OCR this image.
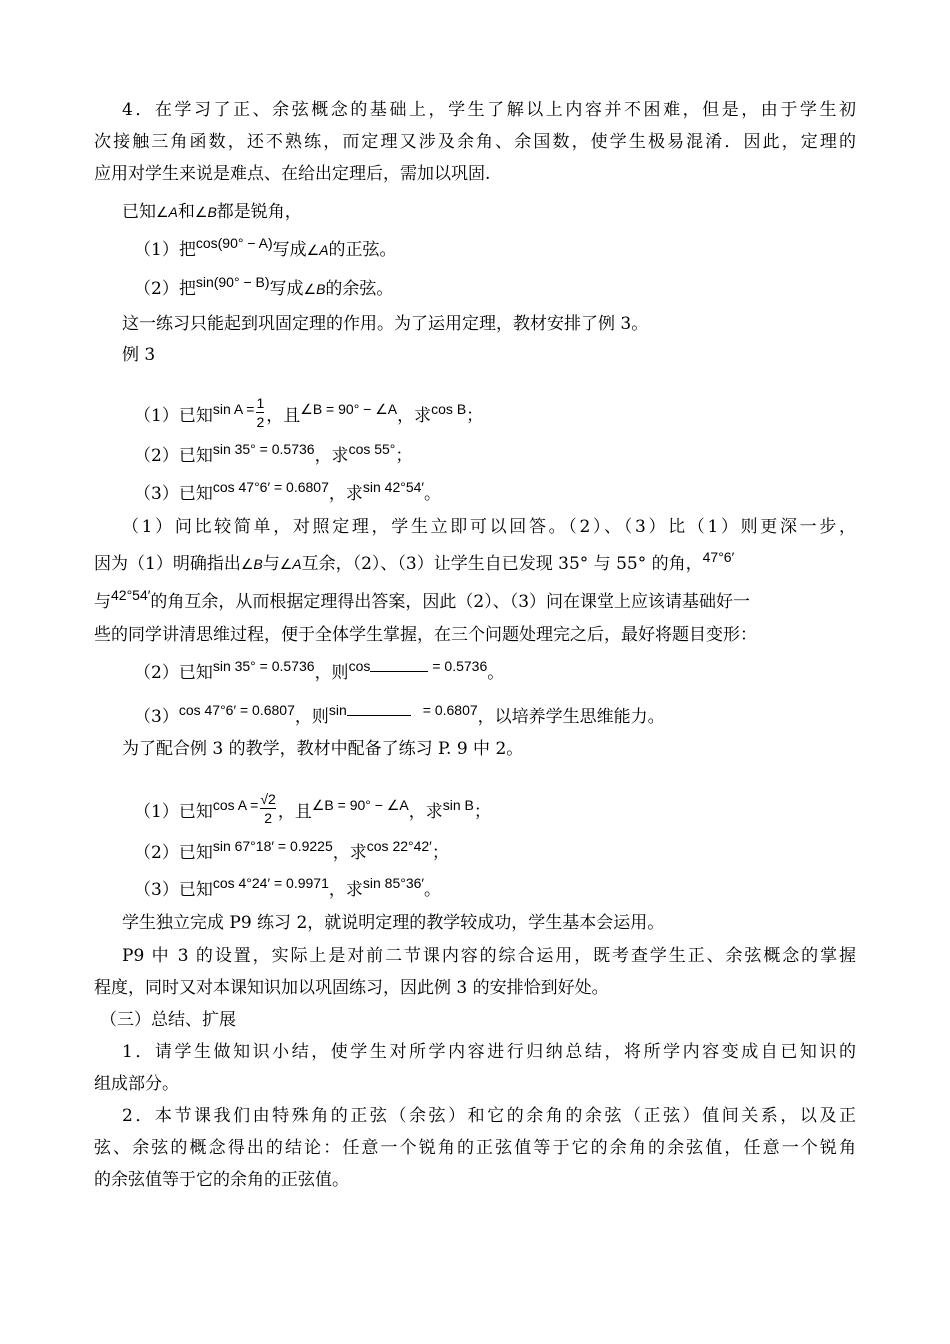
4．在学习了正、余弦概念的基础上，学生了解以上内容并不困难，但是，由于学生初
次接触三角函数，还不熟练，而定理又涉及余角、余国数，使学生极易混淆．因此，定理的
应用对学生来说是难点、在给出定理后，需加以巩固.
已知∠A和∠B都是锐角，
（1）把$^{cos(90^\circ - A)}$写成∠A的正弦。
（2）把$^{sin(90^\circ - B)}$写成∠B的余弦。
这一练习只能起到巩固定理的作用。为了运用定理，教材安排了例 3。
例 3
（1）已知$^{sin A =} \frac{1}{2}$ ，且$^{\angle B = 90^\circ - \angle A}$，求$^{cos B}$；
（2）已知$^{sin 35^\circ = 0.5736}$，求$^{cos 55^\circ}$；
（3）已知$^{cos 47^\circ 6' = 0.6807}$，求$^{sin 42^\circ 54'}$。
（1）问比较简单，对照定理，学生立即可以回答。（2）、（3）比（1）则更深一步，
因为（1）明确指出∠B与∠A互余，（2）、（3）让学生自已发现 35° 与 55° 的角，$^{47^\circ 6'}$
与$^{42^\circ 54'}$的角互余，从而根据定理得出答案，因此（2）、（3）问在课堂上应该请基础好一
些的同学讲清思维过程，便于全体学生掌握，在三个问题处理完之后，最好将题目变形：
（2）已知$^{sin 35^\circ = 0.5736}$，则$^{cos}$	$^{= 0.5736}$。
$(3)^{cos 47^\circ 6' = 0.6807}$，则$^{sin}$	$^{= 0.6807}$，以培养学生思维能力。
为了配合例 3 的教学，教材中配备了练习 P. 9 中 2。
（1）已知$^{cos A =} \frac{√2}{2}$ ，且$^{\angle B = 90^\circ - \angle A}$，求$^{sin B}$；
（2）已知$^{sin 67^\circ 18' = 0.9225}$，求$^{cos 22^\circ 42'}$；
（3）已知$^{cos 4^\circ 24' = 0.9971}$，求$^{sin 85^\circ 36'}$。
学生独立完成 P9 练习 2，就说明定理的教学较成功，学生基本会运用。
P9 中 3 的设置，实际上是对前二节课内容的综合运用，既考查学生正、余弦概念的掌握
程度，同时又对本课知识加以巩固练习，因此例 3 的安排恰到好处。
（三）总结、扩展
1．请学生做知识小结，使学生对所学内容进行归纳总结，将所学内容变成自已知识的
组成部分。
2．本节课我们由特殊角的正弦（余弦）和它的余角的余弦（正弦）值间关系，以及正
弦、余弦的概念得出的结论：任意一个锐角的正弦值等于它的余角的余弦值，任意一个锐角
的余弦值等于它的余角的正弦值。
